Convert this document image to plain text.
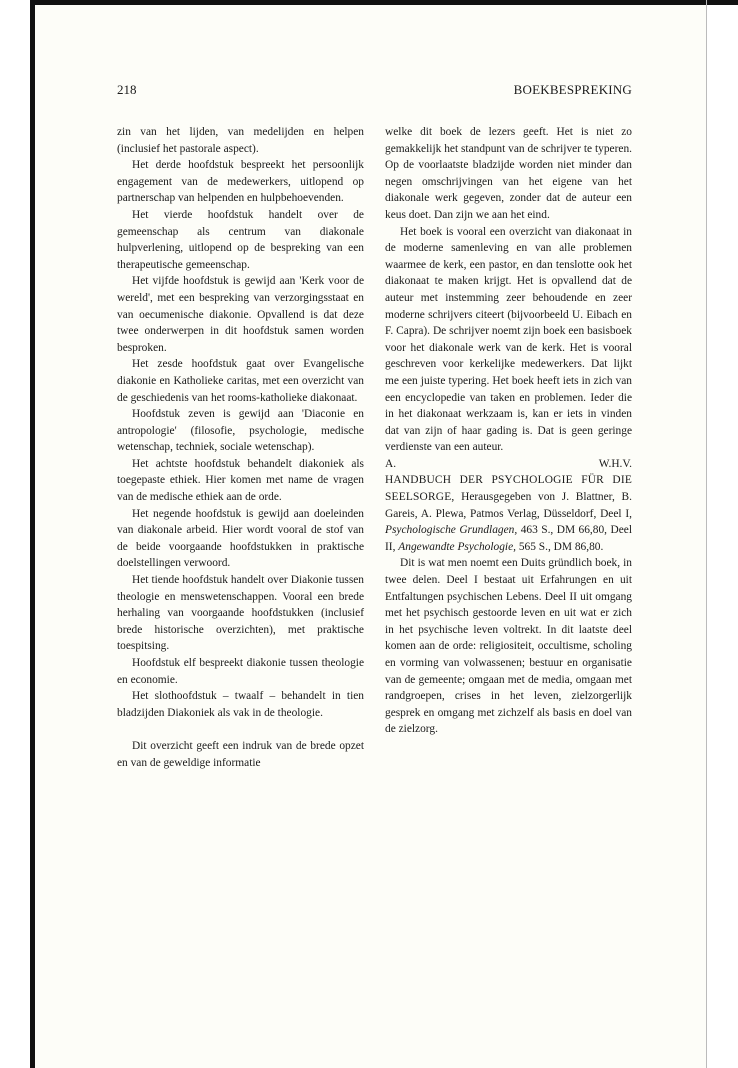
218	BOEKBESPREKING

zin van het lijden, van medelijden en helpen (inclusief het pastorale aspect).

Het derde hoofdstuk bespreekt het persoonlijk engagement van de medewerkers, uitlopend op partnerschap van helpenden en hulpbehoevenden.

Het vierde hoofdstuk handelt over de gemeenschap als centrum van diakonale hulpverlening, uitlopend op de bespreking van een therapeutische gemeenschap.

Het vijfde hoofdstuk is gewijd aan 'Kerk voor de wereld', met een bespreking van verzorgingsstaat en van oecumenische diakonie. Opvallend is dat deze twee onderwerpen in dit hoofdstuk samen worden besproken.

Het zesde hoofdstuk gaat over Evangelische diakonie en Katholieke caritas, met een overzicht van de geschiedenis van het rooms-katholieke diakonaat.

Hoofdstuk zeven is gewijd aan 'Diaconie en antropologie' (filosofie, psychologie, medische wetenschap, techniek, sociale wetenschap).

Het achtste hoofdstuk behandelt diakoniek als toegepaste ethiek. Hier komen met name de vragen van de medische ethiek aan de orde.

Het negende hoofdstuk is gewijd aan doeleinden van diakonale arbeid. Hier wordt vooral de stof van de beide voorgaande hoofdstukken in praktische doelstellingen verwoord.

Het tiende hoofdstuk handelt over Diakonie tussen theologie en menswetenschappen. Vooral een brede herhaling van voorgaande hoofdstukken (inclusief brede historische overzichten), met praktische toespitsing.

Hoofdstuk elf bespreekt diakonie tussen theologie en economie.

Het slothoofdstuk – twaalf – behandelt in tien bladzijden Diakoniek als vak in de theologie.

Dit overzicht geeft een indruk van de brede opzet en van de geweldige informatie

welke dit boek de lezers geeft. Het is niet zo gemakkelijk het standpunt van de schrijver te typeren. Op de voorlaatste bladzijde worden niet minder dan negen omschrijvingen van het eigene van het diakonale werk gegeven, zonder dat de auteur een keus doet. Dan zijn we aan het eind.

Het boek is vooral een overzicht van diakonaat in de moderne samenleving en van alle problemen waarmee de kerk, een pastor, en dan tenslotte ook het diakonaat te maken krijgt. Het is opvallend dat de auteur met instemming zeer behoudende en zeer moderne schrijvers citeert (bijvoorbeeld U. Eibach en F. Capra). De schrijver noemt zijn boek een basisboek voor het diakonale werk van de kerk. Het is vooral geschreven voor kerkelijke medewerkers. Dat lijkt me een juiste typering. Het boek heeft iets in zich van een encyclopedie van taken en problemen. Ieder die in het diakonaat werkzaam is, kan er iets in vinden dat van zijn of haar gading is. Dat is geen geringe verdienste van een auteur.

A.	W.H.V.

HANDBUCH DER PSYCHOLOGIE FÜR DIE SEELSORGE, Herausgegeben von J. Blattner, B. Gareis, A. Plewa, Patmos Verlag, Düsseldorf, Deel I, Psychologische Grundlagen, 463 S., DM 66,80, Deel II, Angewandte Psychologie, 565 S., DM 86,80.

Dit is wat men noemt een Duits gründlich boek, in twee delen. Deel I bestaat uit Erfahrungen en uit Entfaltungen psychischen Lebens. Deel II uit omgang met het psychisch gestoorde leven en uit wat er zich in het psychische leven voltrekt. In dit laatste deel komen aan de orde: religiositeit, occultisme, scholing en vorming van volwassenen; bestuur en organisatie van de gemeente; omgaan met de media, omgaan met randgroepen, crises in het leven, zielzorgerlijk gesprek en omgang met zichzelf als basis en doel van de zielzorg.
